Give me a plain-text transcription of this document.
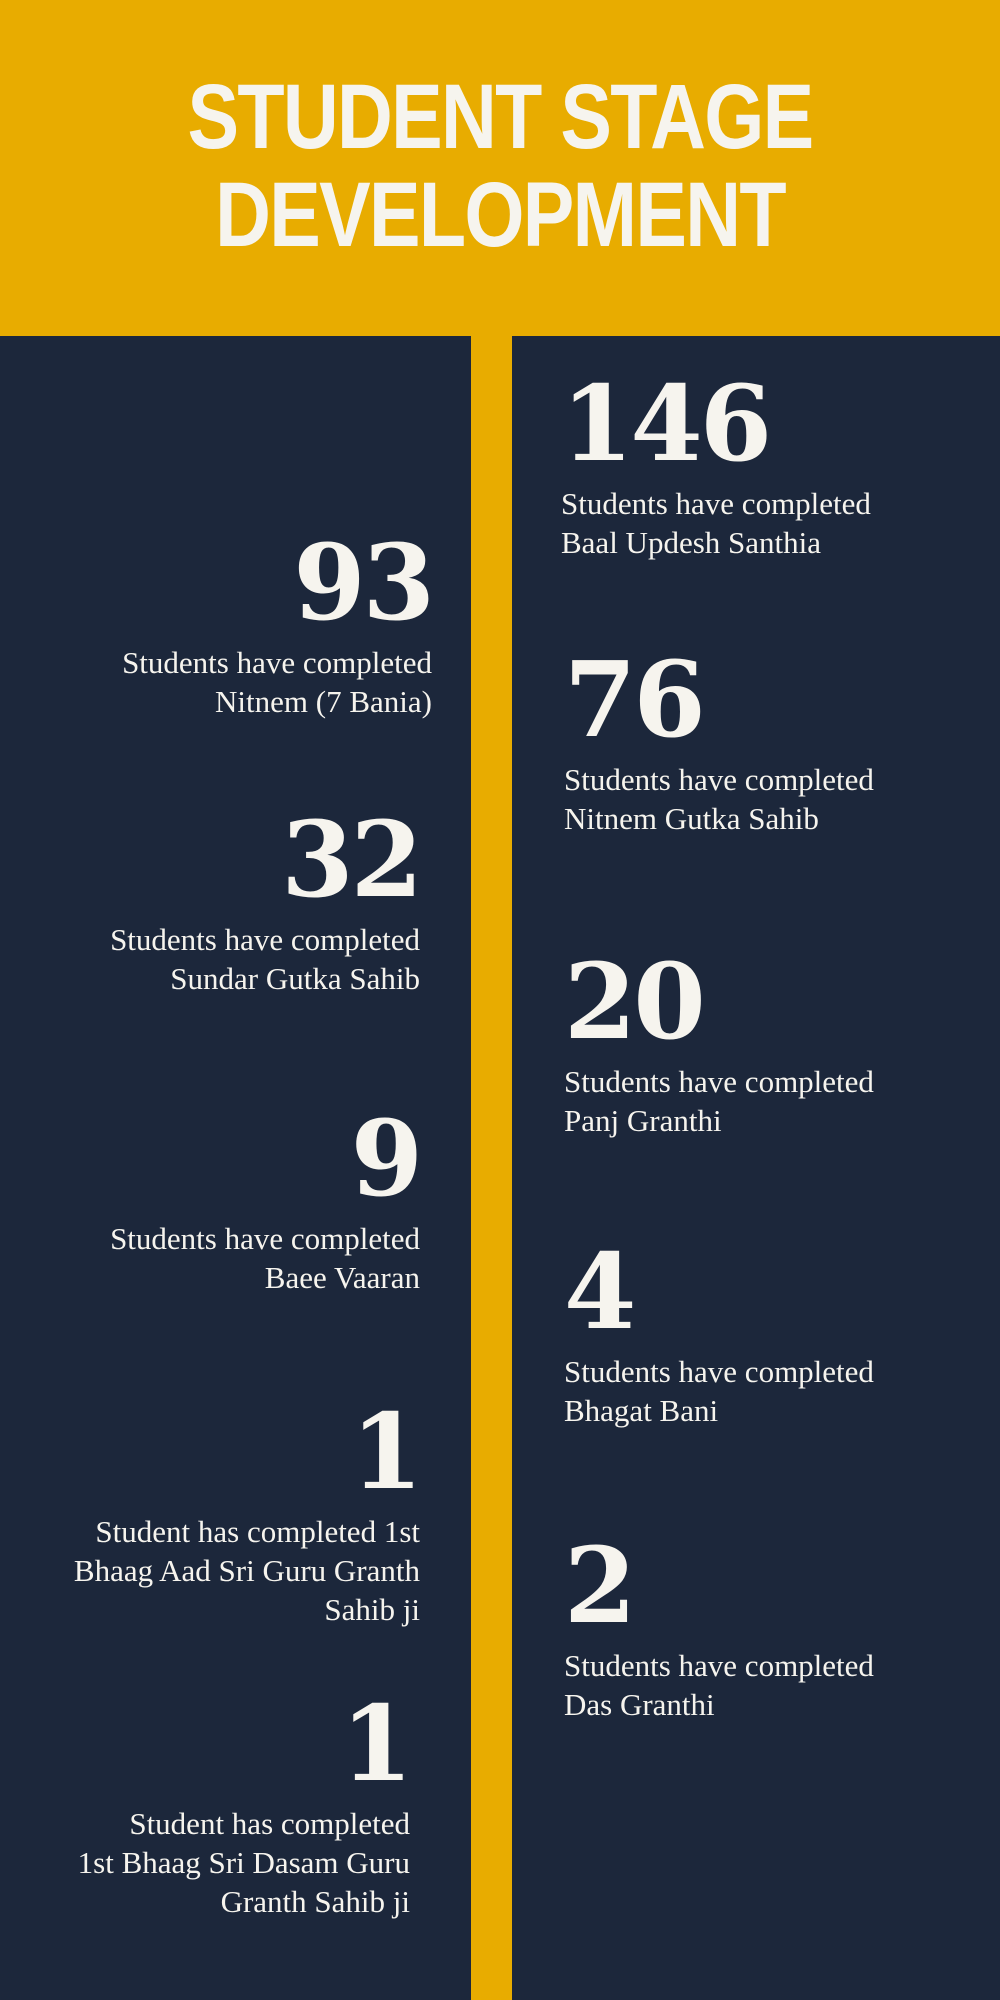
STUDENT STAGE
DEVELOPMENT
93
Students have completed
Nitnem (7 Bania)
32
Students have completed
Sundar Gutka Sahib
9
Students have completed
Baee Vaaran
1
Student has completed 1st
Bhaag Aad Sri Guru Granth
Sahib ji
1
Student has completed
1st Bhaag Sri Dasam Guru
Granth Sahib ji
146
Students have completed
Baal Updesh Santhia
76
Students have completed
Nitnem Gutka Sahib
20
Students have completed
Panj Granthi
4
Students have completed
Bhagat Bani
2
Students have completed
Das Granthi
